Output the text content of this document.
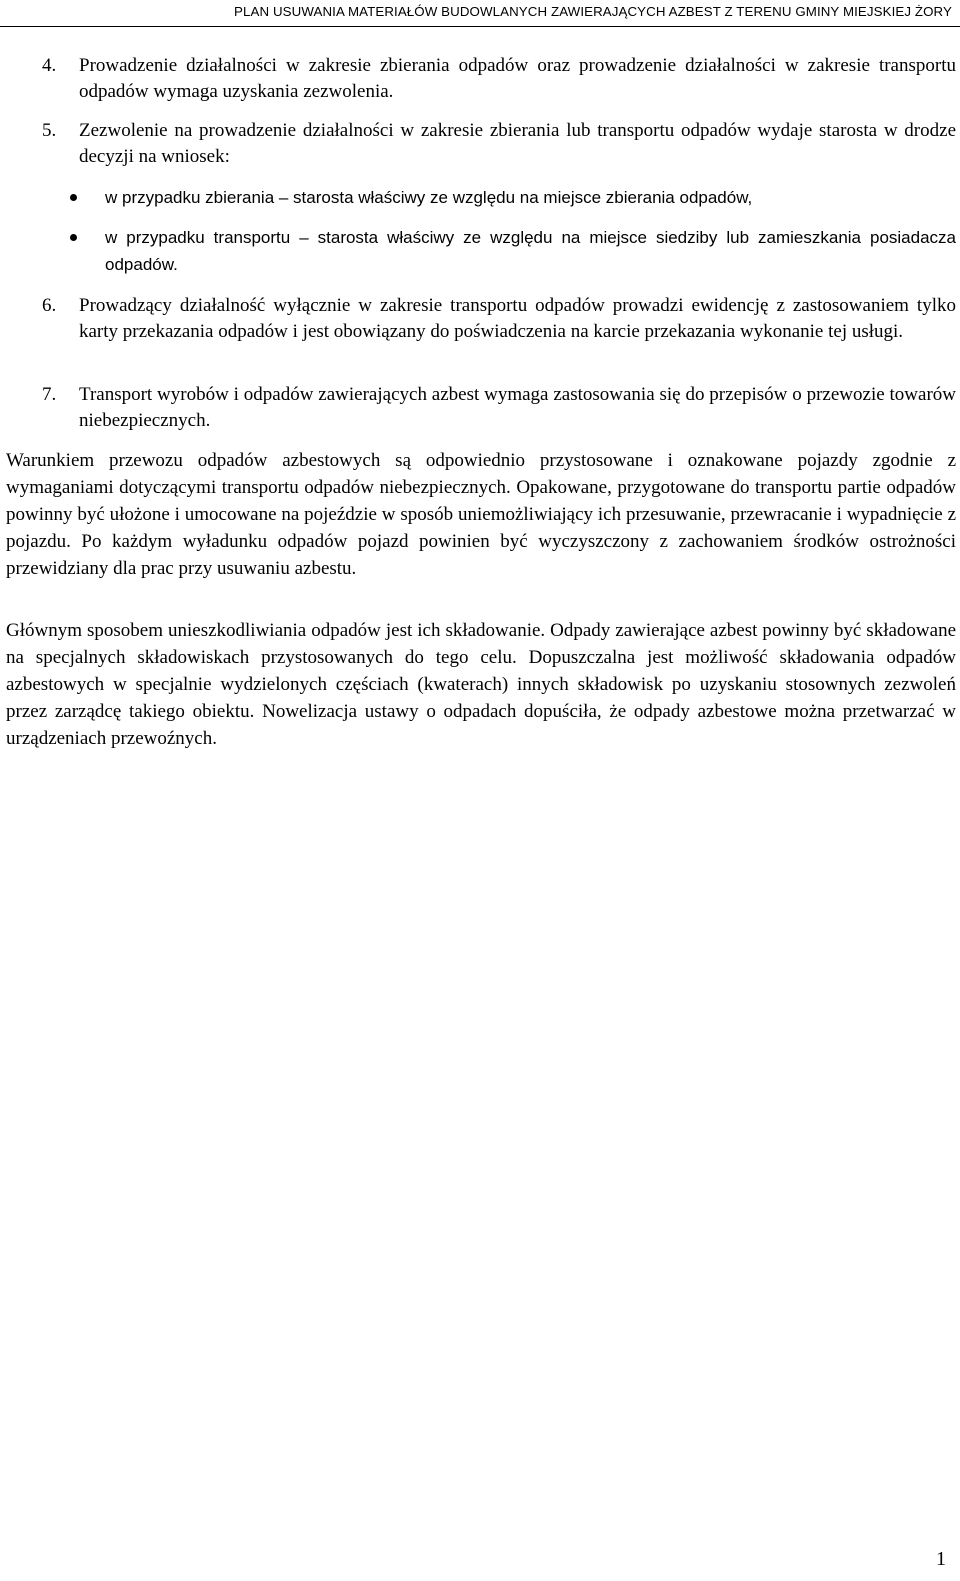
PLAN USUWANIA MATERIAŁÓW BUDOWLANYCH ZAWIERAJĄCYCH AZBEST Z TERENU GMINY MIEJSKIEJ ŻORY
4. Prowadzenie działalności w zakresie zbierania odpadów oraz prowadzenie działalności w zakresie transportu odpadów wymaga uzyskania zezwolenia.
5. Zezwolenie na prowadzenie działalności w zakresie zbierania lub transportu odpadów wydaje starosta w drodze decyzji na wniosek:
w przypadku zbierania – starosta właściwy ze względu na miejsce zbierania odpadów,
w przypadku transportu – starosta właściwy ze względu na miejsce siedziby lub zamieszkania posiadacza odpadów.
6. Prowadzący działalność wyłącznie w zakresie transportu odpadów prowadzi ewidencję z zastosowaniem tylko karty przekazania odpadów i jest obowiązany do poświadczenia na karcie przekazania wykonanie tej usługi.
7. Transport wyrobów i odpadów zawierających azbest wymaga zastosowania się do przepisów o przewozie towarów niebezpiecznych.
Warunkiem przewozu odpadów azbestowych są odpowiednio przystosowane i oznakowane pojazdy zgodnie z wymaganiami dotyczącymi transportu odpadów niebezpiecznych. Opakowane, przygotowane do transportu partie odpadów powinny być ułożone i umocowane na pojeździe w sposób uniemożliwiający ich przesuwanie, przewracanie i wypadnięcie z pojazdu. Po każdym wyładunku odpadów pojazd powinien być wyczyszczony z zachowaniem środków ostrożności przewidziany dla prac przy usuwaniu azbestu.
Głównym sposobem unieszkodliwiania odpadów jest ich składowanie. Odpady zawierające azbest powinny być składowane na specjalnych składowiskach przystosowanych do tego celu. Dopuszczalna jest możliwość składowania odpadów azbestowych w specjalnie wydzielonych częściach (kwaterach) innych składowisk po uzyskaniu stosownych zezwoleń przez zarządcę takiego obiektu. Nowelizacja ustawy o odpadach dopuściła, że odpady azbestowe można przetwarzać w urządzeniach przewoźnych.
1
